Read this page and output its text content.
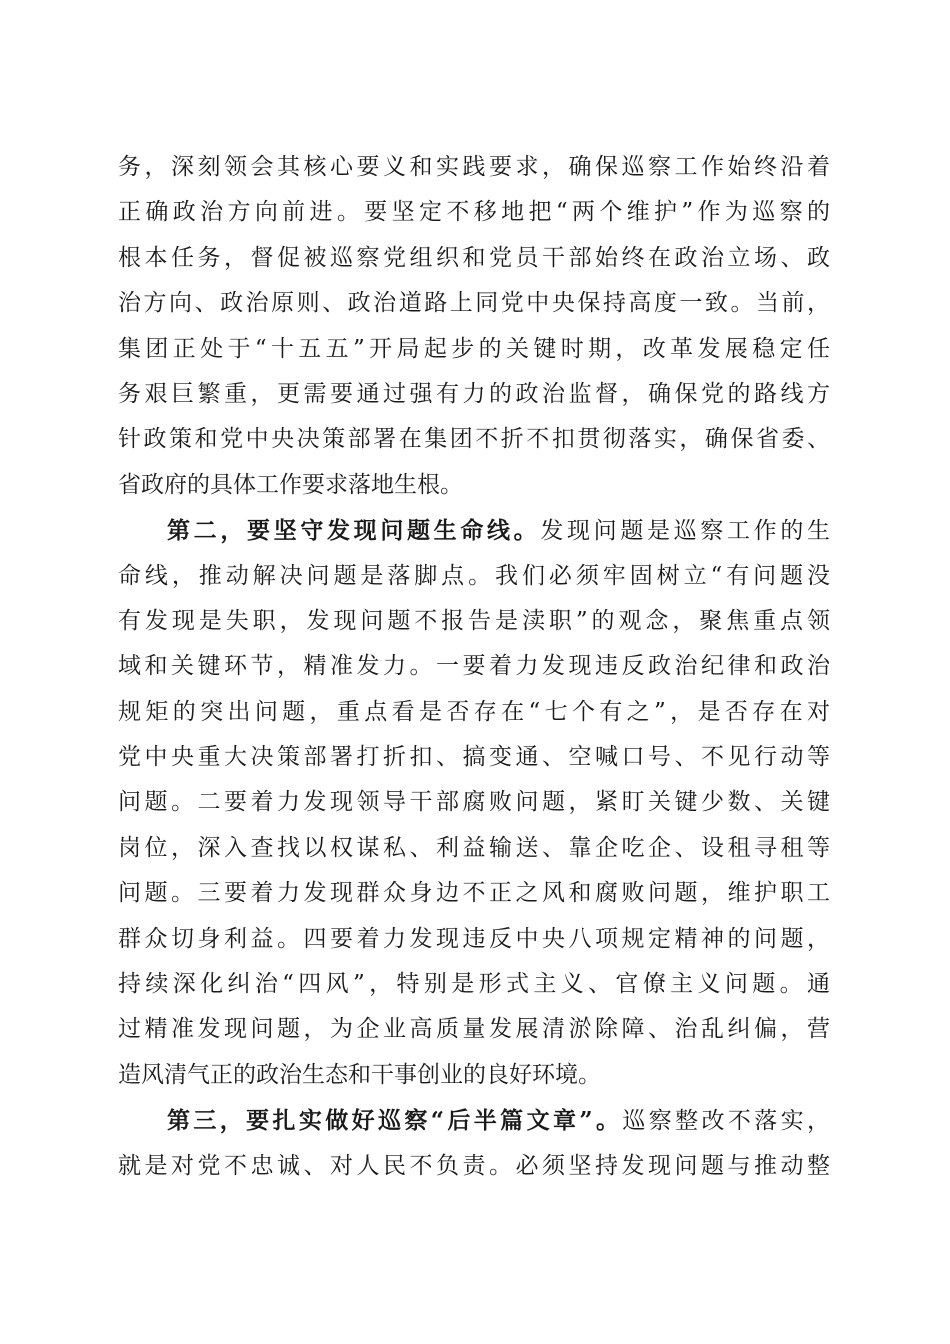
务，深刻领会其核心要义和实践要求，确保巡察工作始终沿着
正确政治方向前进。要坚定不移地把“两个维护”作为巡察的
根本任务，督促被巡察党组织和党员干部始终在政治立场、政
治方向、政治原则、政治道路上同党中央保持高度一致。当前，
集团正处于“十五五”开局起步的关键时期，改革发展稳定任
务艰巨繁重，更需要通过强有力的政治监督，确保党的路线方
针政策和党中央决策部署在集团不折不扣贯彻落实，确保省委、
省政府的具体工作要求落地生根。
第二，要坚守发现问题生命线。发现问题是巡察工作的生
命线，推动解决问题是落脚点。我们必须牢固树立“有问题没
有发现是失职，发现问题不报告是渎职”的观念，聚焦重点领
域和关键环节，精准发力。一要着力发现违反政治纪律和政治
规矩的突出问题，重点看是否存在“七个有之”，是否存在对
党中央重大决策部署打折扣、搞变通、空喊口号、不见行动等
问题。二要着力发现领导干部腐败问题，紧盯关键少数、关键
岗位，深入查找以权谋私、利益输送、靠企吃企、设租寻租等
问题。三要着力发现群众身边不正之风和腐败问题，维护职工
群众切身利益。四要着力发现违反中央八项规定精神的问题，
持续深化纠治“四风”，特别是形式主义、官僚主义问题。通
过精准发现问题，为企业高质量发展清淤除障、治乱纠偏，营
造风清气正的政治生态和干事创业的良好环境。
第三，要扎实做好巡察“后半篇文章”。巡察整改不落实，
就是对党不忠诚、对人民不负责。必须坚持发现问题与推动整
